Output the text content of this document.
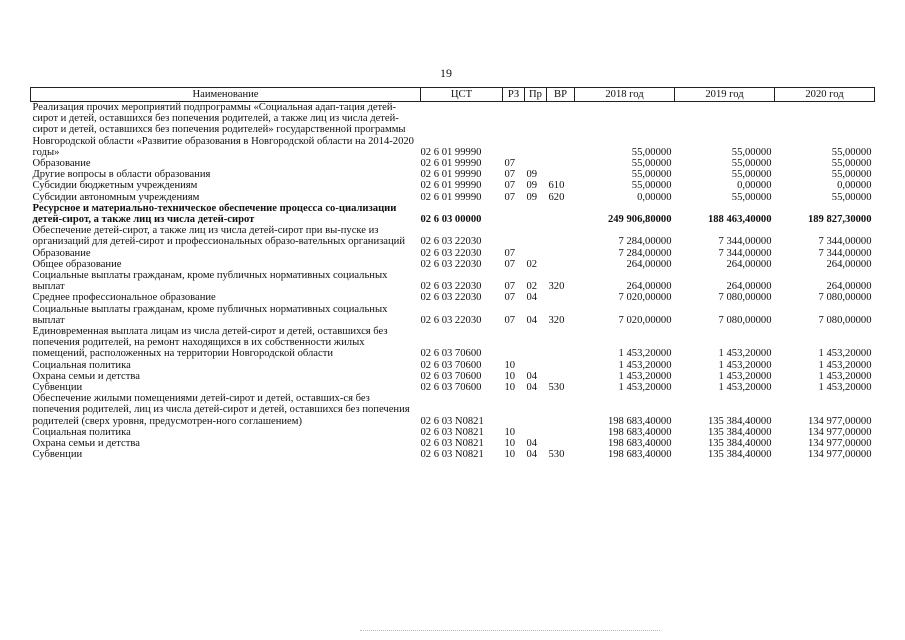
19
Наименование	ЦСТ	РЗ	Пр	ВР	2018 год	2019 год	2020 год
Реализация прочих мероприятий подпрограммы «Социальная адап-тация детей-сирот и детей, оставшихся без попечения родителей, а также лиц из числа детей-сирот и детей, оставшихся без попечения родителей» государственной программы Новгородской области «Развитие образования в Новгородской области на 2014-2020 годы»	02 6 01 99990				55,00000	55,00000	55,00000
Образование	02 6 01 99990	07			55,00000	55,00000	55,00000
Другие вопросы в области образования	02 6 01 99990	07	09		55,00000	55,00000	55,00000
Субсидии бюджетным учреждениям	02 6 01 99990	07	09	610	55,00000	0,00000	0,00000
Субсидии автономным учреждениям	02 6 01 99990	07	09	620	0,00000	55,00000	55,00000
Ресурсное и материально-техническое обеспечение процесса со-циализации детей-сирот, а также лиц из числа детей-сирот	02 6 03 00000				249 906,80000	188 463,40000	189 827,30000
Обеспечение детей-сирот, а также лиц из числа детей-сирот при вы-пуске из организаций для детей-сирот и профессиональных образо-вательных организаций	02 6 03 22030				7 284,00000	7 344,00000	7 344,00000
Образование	02 6 03 22030	07			7 284,00000	7 344,00000	7 344,00000
Общее образование	02 6 03 22030	07	02		264,00000	264,00000	264,00000
Социальные выплаты гражданам, кроме публичных нормативных социальных выплат	02 6 03 22030	07	02	320	264,00000	264,00000	264,00000
Среднее профессиональное образование	02 6 03 22030	07	04		7 020,00000	7 080,00000	7 080,00000
Социальные выплаты гражданам, кроме публичных нормативных социальных выплат	02 6 03 22030	07	04	320	7 020,00000	7 080,00000	7 080,00000
Единовременная выплата лицам из числа детей-сирот и детей, оставшихся без попечения родителей, на ремонт находящихся в их собственности жилых помещений, расположенных на территории Новгородской области	02 6 03 70600				1 453,20000	1 453,20000	1 453,20000
Социальная политика	02 6 03 70600	10			1 453,20000	1 453,20000	1 453,20000
Охрана семьи и детства	02 6 03 70600	10	04		1 453,20000	1 453,20000	1 453,20000
Субвенции	02 6 03 70600	10	04	530	1 453,20000	1 453,20000	1 453,20000
Обеспечение жилыми помещениями детей-сирот и детей, оставших-ся без попечения родителей, лиц из числа детей-сирот и детей, оставшихся без попечения родителей (сверх уровня, предусмотрен-ного соглашением)	02 6 03 N0821				198 683,40000	135 384,40000	134 977,00000
Социальная политика	02 6 03 N0821	10			198 683,40000	135 384,40000	134 977,00000
Охрана семьи и детства	02 6 03 N0821	10	04		198 683,40000	135 384,40000	134 977,00000
Субвенции	02 6 03 N0821	10	04	530	198 683,40000	135 384,40000	134 977,00000
